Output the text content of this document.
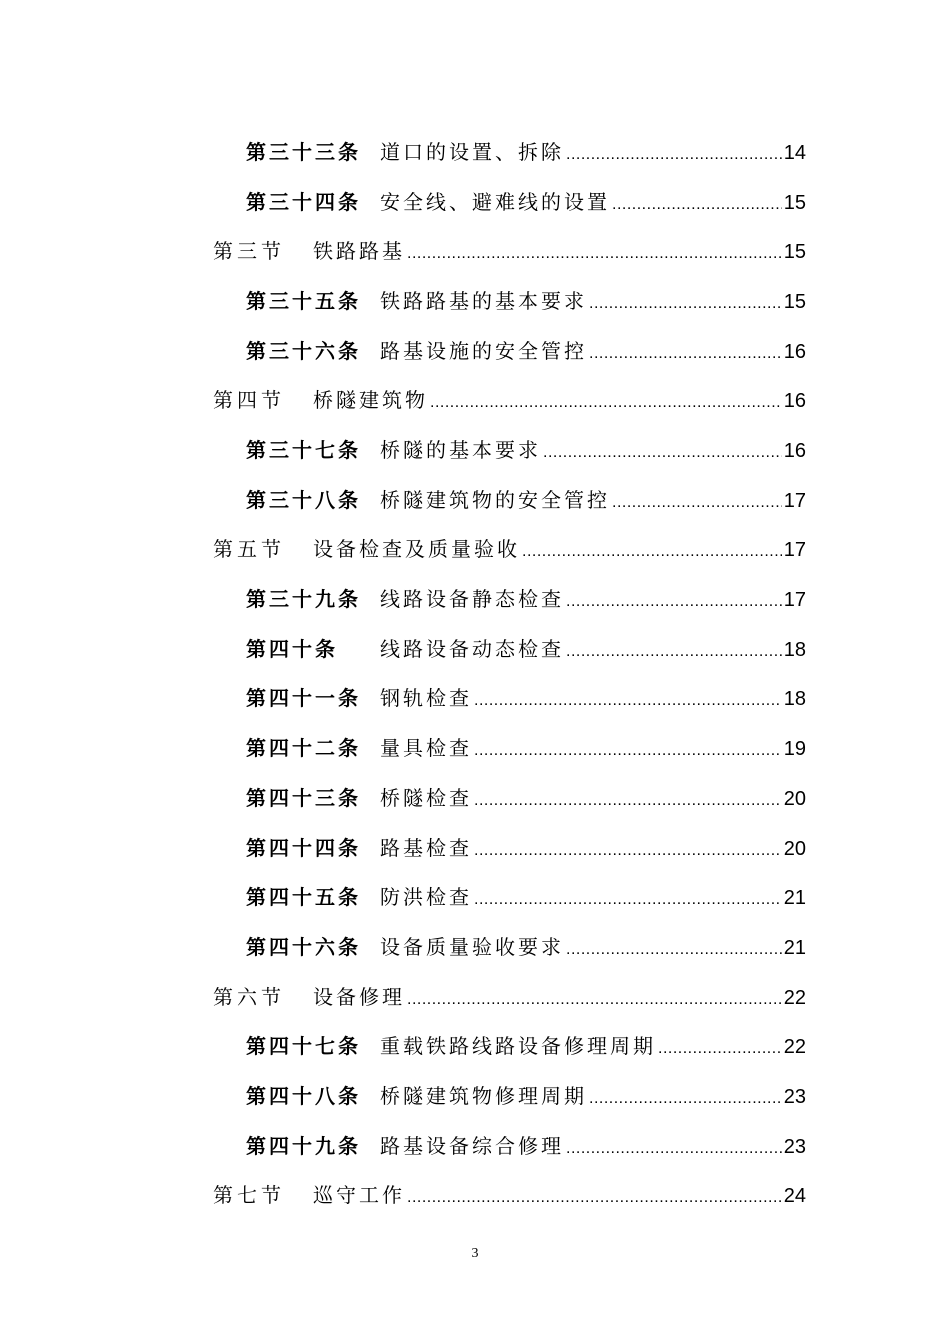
第三十三条 道口的设置、拆除 .....	14
第三十四条 安全线、避难线的设置 .....	15
第三节	铁路路基 .....	15
第三十五条 铁路路基的基本要求 .....	15
第三十六条 路基设施的安全管控 .....	16
第四节	桥隧建筑物 .....	16
第三十七条 桥隧的基本要求 .....	16
第三十八条 桥隧建筑物的安全管控 .....	17
第五节	设备检查及质量验收 .....	17
第三十九条 线路设备静态检查 .....	17
第四十条	线路设备动态检查 .....	18
第四十一条 钢轨检查 .....	18
第四十二条 量具检查 .....	19
第四十三条 桥隧检查 .....	20
第四十四条 路基检查 .....	20
第四十五条 防洪检查 .....	21
第四十六条 设备质量验收要求 .....	21
第六节	设备修理 .....	22
第四十七条 重载铁路线路设备修理周期 .....	22
第四十八条 桥隧建筑物修理周期 .....	23
第四十九条 路基设备综合修理 .....	23
第七节	巡守工作 .....	24
3
